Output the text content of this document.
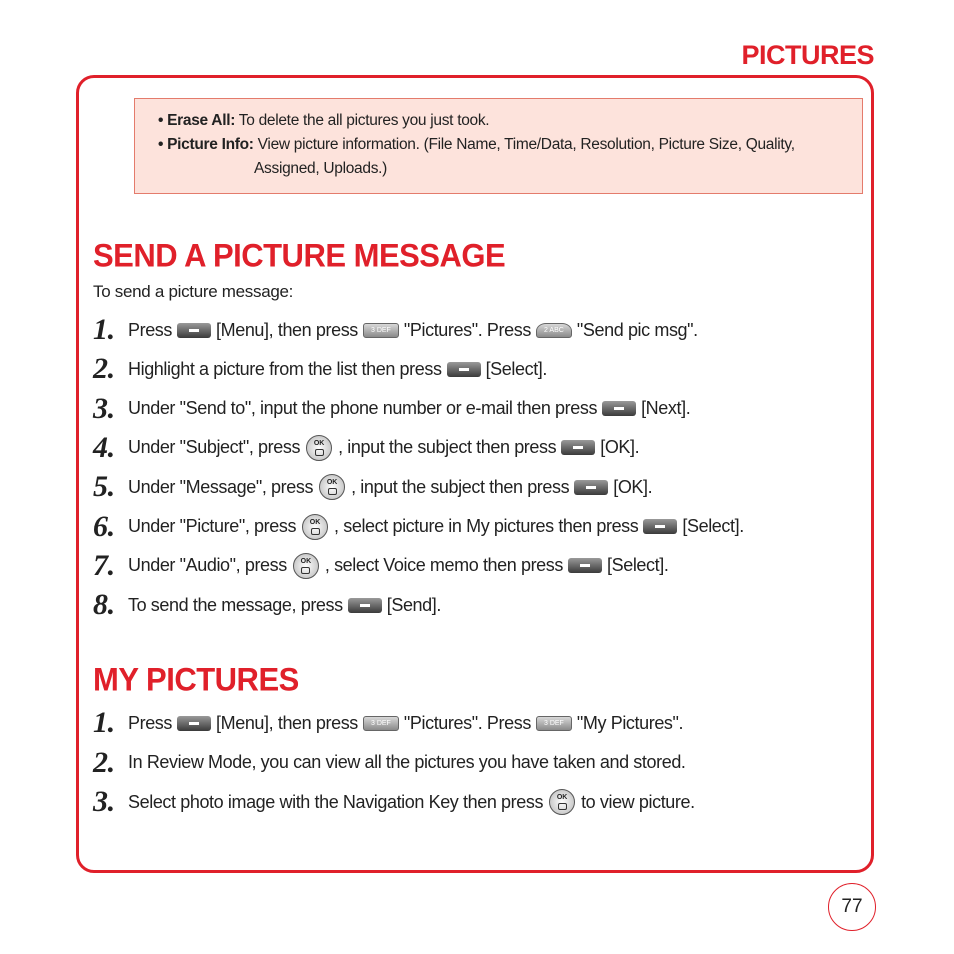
PICTURES
• Erase All: To delete the all pictures you just took.
• Picture Info: View picture information. (File Name, Time/Data, Resolution, Picture Size, Quality,
Assigned, Uploads.)
SEND A PICTURE MESSAGE
To send a picture message:
1. Press [Menu], then press	3 DEF "Pictures". Press	2 ABC "Send pic msg".
2. Highlight a picture from the list then press [Select].
3. Under "Send to", input the phone number or e-mail then press [Next].
4. Under "Subject", press OK , input the subject then press [OK].
5. Under "Message", press OK , input the subject then press [OK].
6. Under "Picture", press OK , select picture in My pictures then press [Select].
7. Under "Audio", press OK , select Voice memo then press [Select].
8. To send the message, press [Send].
MY PICTURES
1. Press [Menu], then press	3 DEF "Pictures". Press	3 DEF "My Pictures".
2. In Review Mode, you can view all the pictures you have taken and stored.
3. Select photo image with the Navigation Key then press OK to view picture.
77
